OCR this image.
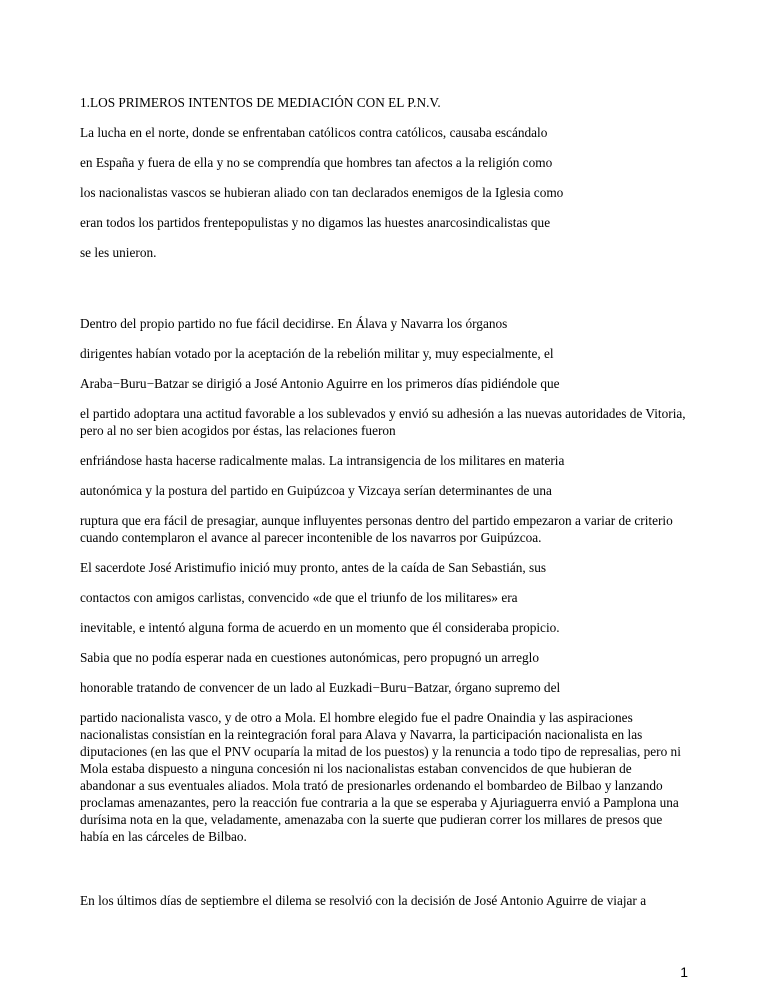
1.LOS PRIMEROS INTENTOS DE MEDIACIÓN CON EL P.N.V.
La lucha en el norte, donde se enfrentaban católicos contra católicos, causaba escándalo
en España y fuera de ella y no se comprendía que hombres tan afectos a la religión como
los nacionalistas vascos se hubieran aliado con tan declarados enemigos de la Iglesia como
eran todos los partidos frentepopulistas y no digamos las huestes anarcosindicalistas que
se les unieron.
Dentro del propio partido no fue fácil decidirse. En Álava y Navarra los órganos
dirigentes habían votado por la aceptación de la rebelión militar y, muy especialmente, el
Araba−Buru−Batzar se dirigió a José Antonio Aguirre en los primeros días pidiéndole que
el partido adoptara una actitud favorable a los sublevados y envió su adhesión a las nuevas autoridades de Vitoria, pero al no ser bien acogidos por éstas, las relaciones fueron
enfriándose hasta hacerse radicalmente malas. La intransigencia de los militares en materia
autonómica y la postura del partido en Guipúzcoa y Vizcaya serían determinantes de una
ruptura que era fácil de presagiar, aunque influyentes personas dentro del partido empezaron a variar de criterio cuando contemplaron el avance al parecer incontenible de los navarros por Guipúzcoa.
El sacerdote José Aristimufio inició muy pronto, antes de la caída de San Sebastián, sus
contactos con amigos carlistas, convencido «de que el triunfo de los militares» era
inevitable, e intentó alguna forma de acuerdo en un momento que él consideraba propicio.
Sabia que no podía esperar nada en cuestiones autonómicas, pero propugnó un arreglo
honorable tratando de convencer de un lado al Euzkadi−Buru−Batzar, órgano supremo del
partido nacionalista vasco, y de otro a Mola. El hombre elegido fue el padre Onaindia y las aspiraciones nacionalistas consistían en la reintegración foral para Alava y Navarra, la participación nacionalista en las diputaciones (en las que el PNV ocuparía la mitad de los puestos) y la renuncia a todo tipo de represalias, pero ni Mola estaba dispuesto a ninguna concesión ni los nacionalistas estaban convencidos de que hubieran de abandonar a sus eventuales aliados. Mola trató de presionarles ordenando el bombardeo de Bilbao y lanzando proclamas amenazantes, pero la reacción fue contraria a la que se esperaba y Ajuriaguerra envió a Pamplona una durísima nota en la que, veladamente, amenazaba con la suerte que pudieran correr los millares de presos que había en las cárceles de Bilbao.
En los últimos días de septiembre el dilema se resolvió con la decisión de José Antonio Aguirre de viajar a
1
